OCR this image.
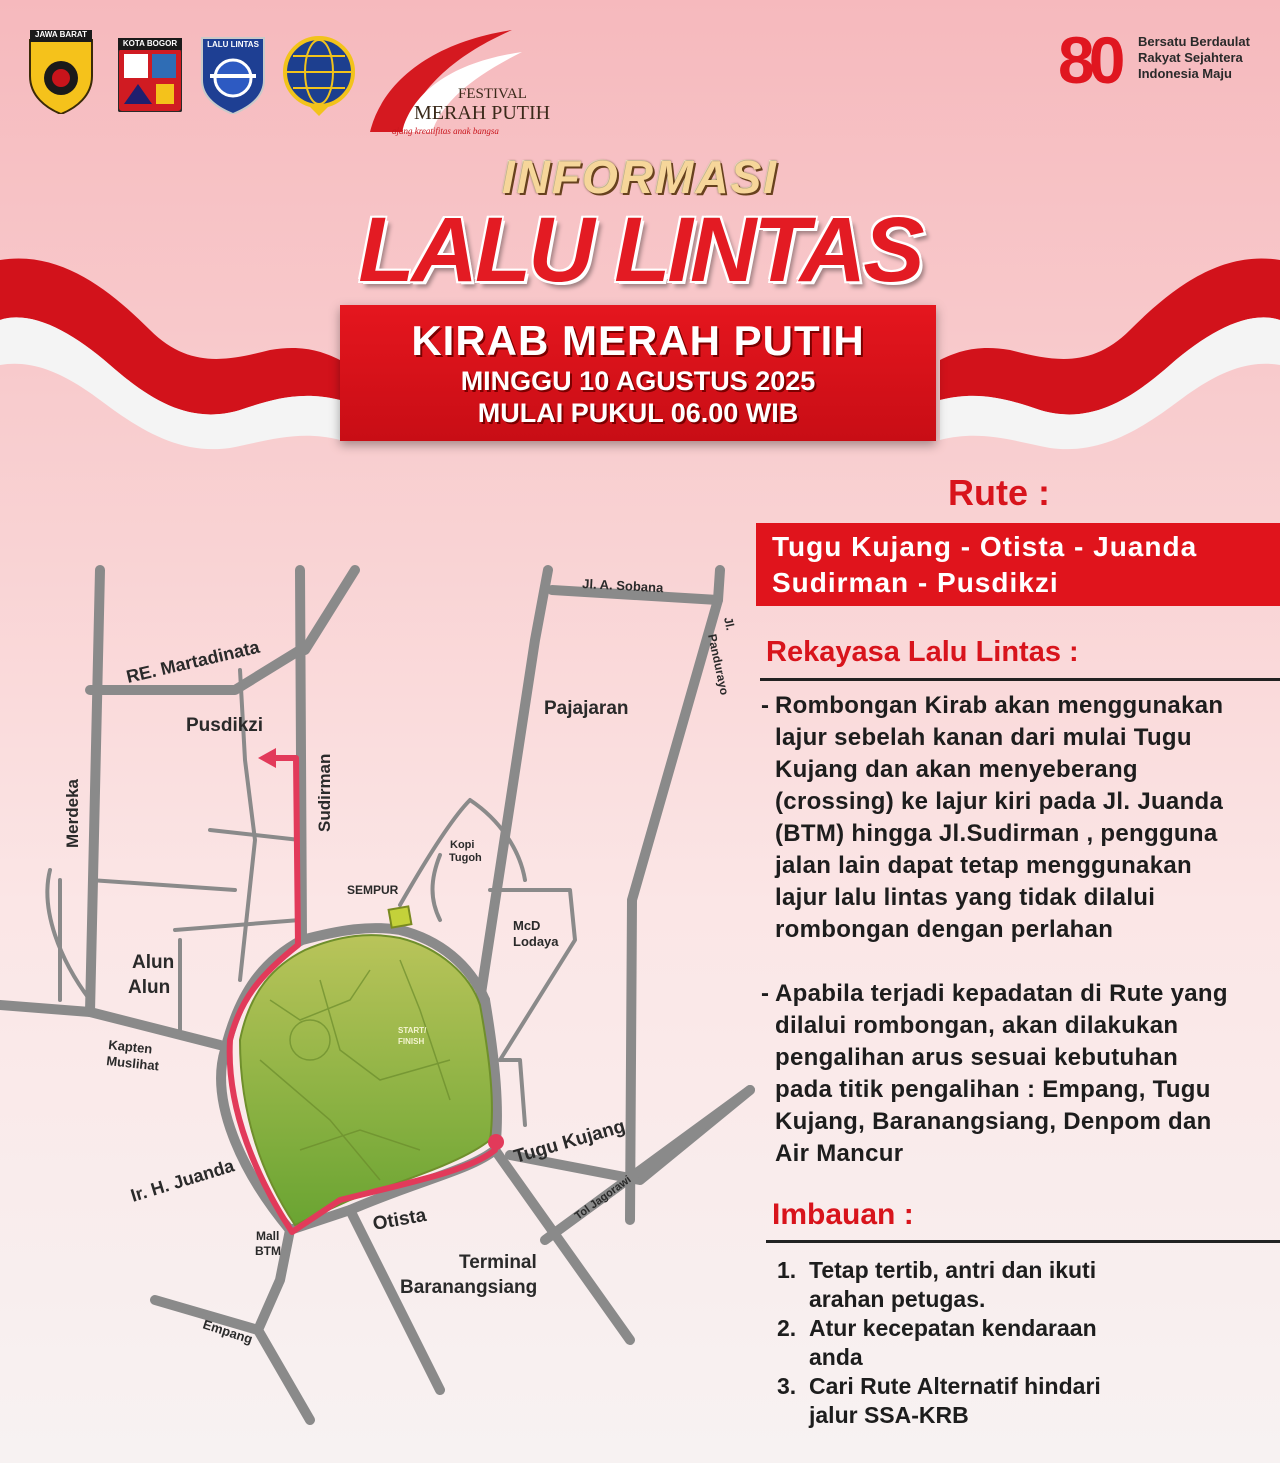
JAWA BARAT
KOTA BOGOR	LALU LINTAS
FESTIVAL
MERAH PUTIH
ajang kreatifitas anak bangsa
80 Bersatu Berdaulat
Rakyat Sejahtera
Indonesia Maju
INFORMASI
LALU LINTAS
KIRAB MERAH PUTIH
MINGGU 10 AGUSTUS 2025
MULAI PUKUL 06.00 WIB
Jl. A. Sobana
Jl.
Pandurayo
RE. Martadinata
Pusdikzi
Sudirman
Pajajaran
Merdeka	Kopi
Tugoh
SEMPUR
McD
Lodaya
Alun
Alun
START/
FINISH
Kapten
Muslihat
Tugu Kujang
Ir. H. Juanda	Tol Jagorawi
Otista
Mall
BTM
Terminal
Baranangsiang
Empang
Rute :
Tugu Kujang - Otista - Juanda
Sudirman - Pusdikzi
Rekayasa Lalu Lintas :
- Rombongan Kirab akan menggunakan
lajur sebelah kanan dari mulai Tugu
Kujang dan akan menyeberang
(crossing) ke lajur kiri pada Jl. Juanda
(BTM) hingga Jl.Sudirman , pengguna
jalan lain dapat tetap menggunakan
lajur lalu lintas yang tidak dilalui
rombongan dengan perlahan
- Apabila terjadi kepadatan di Rute yang
dilalui rombongan, akan dilakukan
pengalihan arus sesuai kebutuhan
pada titik pengalihan : Empang, Tugu
Kujang, Baranangsiang, Denpom dan
Air Mancur
Imbauan :
1. Tetap tertib, antri dan ikuti
arahan petugas.
2. Atur kecepatan kendaraan
anda
3. Cari Rute Alternatif hindari
jalur SSA-KRB
